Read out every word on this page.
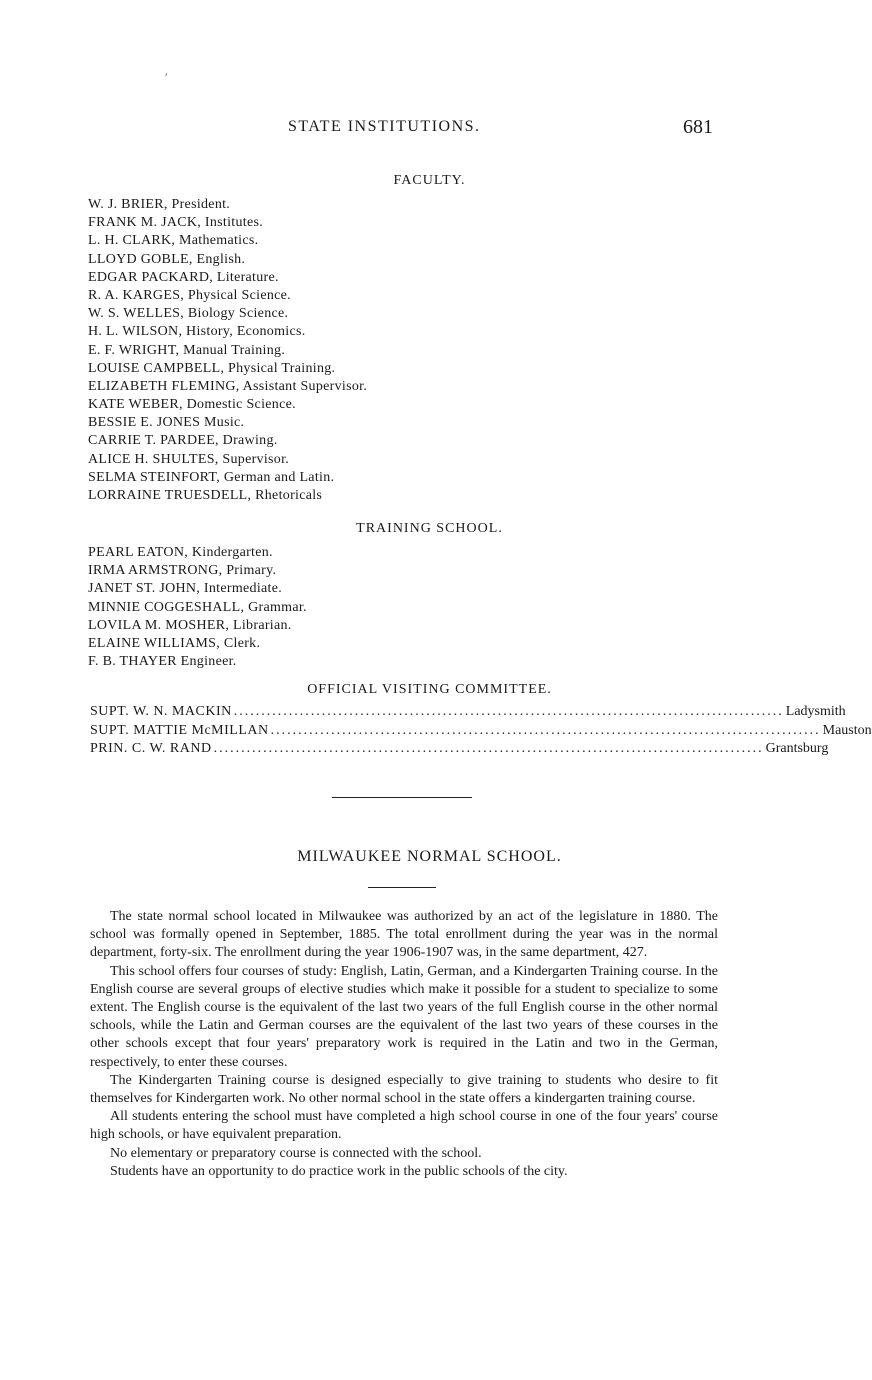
′
STATE INSTITUTIONS.	681
FACULTY.
W. J. BRIER, President.
FRANK M. JACK, Institutes.
L. H. CLARK, Mathematics.
LLOYD GOBLE, English.
EDGAR PACKARD, Literature.
R. A. KARGES, Physical Science.
W. S. WELLES, Biology Science.
H. L. WILSON, History, Economics.
E. F. WRIGHT, Manual Training.
LOUISE CAMPBELL, Physical Training.
ELIZABETH FLEMING, Assistant Supervisor.
KATE WEBER, Domestic Science.
BESSIE E. JONES Music.
CARRIE T. PARDEE, Drawing.
ALICE H. SHULTES, Supervisor.
SELMA STEINFORT, German and Latin.
LORRAINE TRUESDELL, Rhetoricals
TRAINING SCHOOL.
PEARL EATON, Kindergarten.
IRMA ARMSTRONG, Primary.
JANET ST. JOHN, Intermediate.
MINNIE COGGESHALL, Grammar.
LOVILA M. MOSHER, Librarian.
ELAINE WILLIAMS, Clerk.
F. B. THAYER Engineer.
OFFICIAL VISITING COMMITTEE.
SUPT. W. N. MACKIN .................................................................................................... Ladysmith
SUPT. MATTIE McMILLAN .................................................................................................... Mauston
PRIN. C. W. RAND .................................................................................................... Grantsburg
MILWAUKEE NORMAL SCHOOL.

The state normal school located in Milwaukee was authorized by an act of the legislature in 1880. The school was formally opened in September, 1885. The total enrollment during the year was in the normal department, forty-six. The enrollment during the year 1906-1907 was, in the same department, 427.

This school offers four courses of study: English, Latin, German, and a Kindergarten Training course. In the English course are several groups of elective studies which make it possible for a student to specialize to some extent. The English course is the equivalent of the last two years of the full English course in the other normal schools, while the Latin and German courses are the equivalent of the last two years of these courses in the other schools except that four years' preparatory work is required in the Latin and two in the German, respectively, to enter these courses.

The Kindergarten Training course is designed especially to give training to students who desire to fit themselves for Kindergarten work. No other normal school in the state offers a kindergarten training course.

All students entering the school must have completed a high school course in one of the four years' course high schools, or have equivalent preparation.

No elementary or preparatory course is connected with the school.

Students have an opportunity to do practice work in the public schools of the city.
